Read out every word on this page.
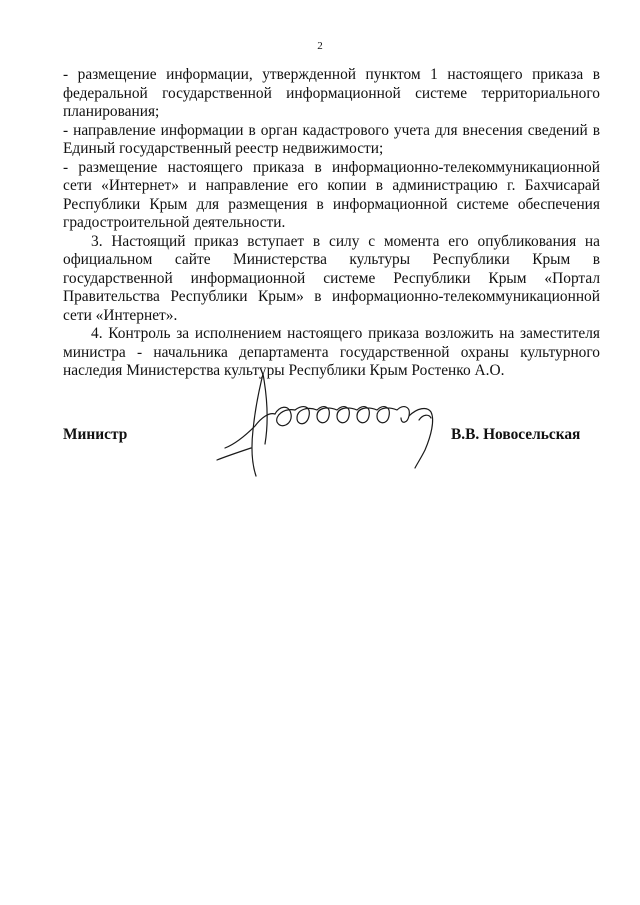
2

- размещение информации, утвержденной пунктом 1 настоящего приказа в федеральной государственной информационной системе территориального планирования;

- направление информации в орган кадастрового учета для внесения сведений в Единый государственный реестр недвижимости;

- размещение настоящего приказа в информационно-телекоммуникационной сети «Интернет» и направление его копии в администрацию г. Бахчисарай Республики Крым для размещения в информационной системе обеспечения градостроительной деятельности.

3. Настоящий приказ вступает в силу с момента его опубликования на официальном сайте Министерства культуры Республики Крым в государственной информационной системе Республики Крым «Портал Правительства Республики Крым» в информационно-телекоммуникационной сети «Интернет».

4. Контроль за исполнением настоящего приказа возложить на заместителя министра - начальника департамента государственной охраны культурного наследия Министерства культуры Республики Крым Ростенко А.О.

Министр	В.В. Новосельская
